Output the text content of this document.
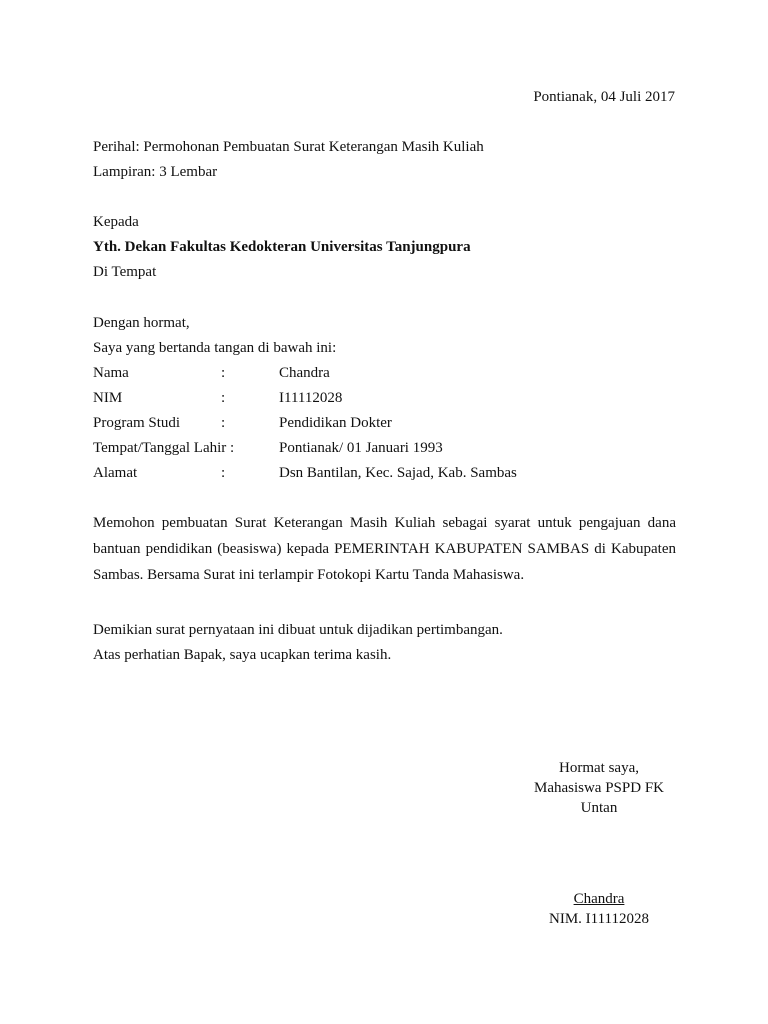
Pontianak, 04 Juli 2017
Perihal: Permohonan Pembuatan Surat Keterangan Masih Kuliah
Lampiran: 3 Lembar
Kepada
Yth. Dekan Fakultas Kedokteran Universitas Tanjungpura
Di Tempat
Dengan hormat,
Saya yang bertanda tangan di bawah ini:
Nama	:	Chandra
NIM	:	I11112028
Program Studi	:	Pendidikan Dokter
Tempat/Tanggal Lahir :	Pontianak/ 01 Januari 1993
Alamat	:	Dsn Bantilan, Kec. Sajad, Kab. Sambas
Memohon pembuatan Surat Keterangan Masih Kuliah sebagai syarat untuk pengajuan dana bantuan pendidikan (beasiswa) kepada PEMERINTAH KABUPATEN SAMBAS di Kabupaten Sambas. Bersama Surat ini terlampir Fotokopi Kartu Tanda Mahasiswa.
Demikian surat pernyataan ini dibuat untuk dijadikan pertimbangan.
Atas perhatian Bapak, saya ucapkan terima kasih.
Hormat saya,
Mahasiswa PSPD FK
Untan
Chandra
NIM. I11112028
